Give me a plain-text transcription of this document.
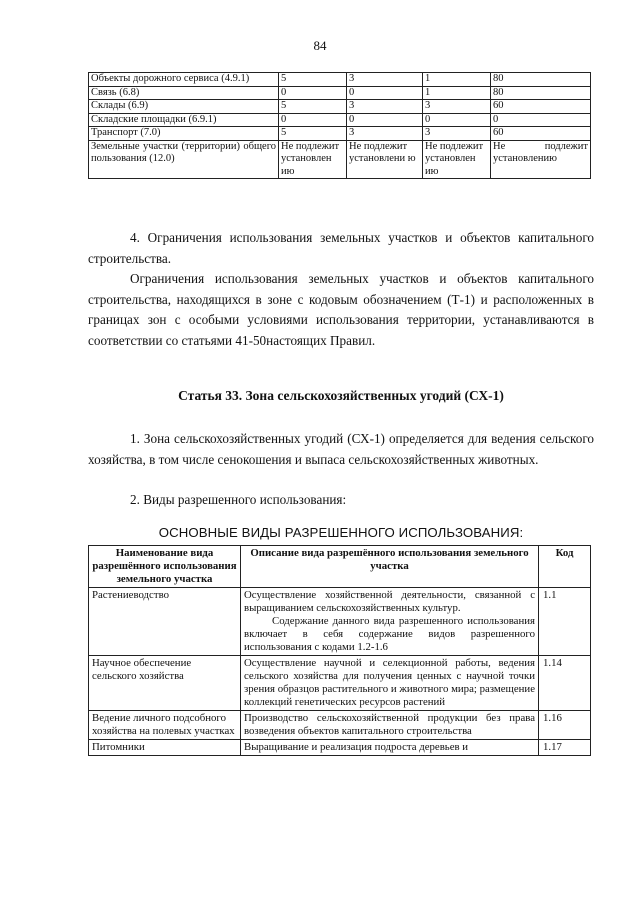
84
Объекты дорожного сервиса (4.9.1)	5	3	1	80
Связь (6.8)	0	0	1	80
Склады (6.9)	5	3	3	60
Складские площадки (6.9.1)	0	0	0	0
Транспорт (7.0)	5	3	3	60
Земельные участки (территории) общего пользования (12.0)	Не подлежит установлен ию	Не подлежит установлени ю	Не подлежит установлен ию	Не подлежит установлению

4. Ограничения использования земельных участков и объектов капитального строительства.

Ограничения использования земельных участков и объектов капитального строительства, находящихся в зоне с кодовым обозначением (Т-1) и расположенных в границах зон с особыми условиями использования территории, устанавливаются в соответствии со статьями 41-50настоящих Правил.

Статья 33. Зона сельскохозяйственных угодий (СХ-1)

1. Зона сельскохозяйственных угодий (СХ-1) определяется для ведения сельского хозяйства, в том числе сенокошения и выпаса сельскохозяйственных животных.

2. Виды разрешенного использования:

ОСНОВНЫЕ ВИДЫ РАЗРЕШЕННОГО ИСПОЛЬЗОВАНИЯ:
Наименование вида разрешённого использования земельного участка	Описание вида разрешённого использования земельного участка	Код
Растениеводство	Осуществление хозяйственной деятельности, связанной с выращиванием сельскохозяйственных культур.
Содержание данного вида разрешенного использования включает в себя содержание видов разрешенного использования с кодами 1.2-1.6	1.1
Научное обеспечение сельского хозяйства	Осуществление научной и селекционной работы, ведения сельского хозяйства для получения ценных с научной точки зрения образцов растительного и животного мира; размещение коллекций генетических ресурсов растений	1.14
Ведение личного подсобного хозяйства на полевых участках	Производство сельскохозяйственной продукции без права возведения объектов капитального строительства	1.16
Питомники	Выращивание и реализация подроста деревьев и	1.17
